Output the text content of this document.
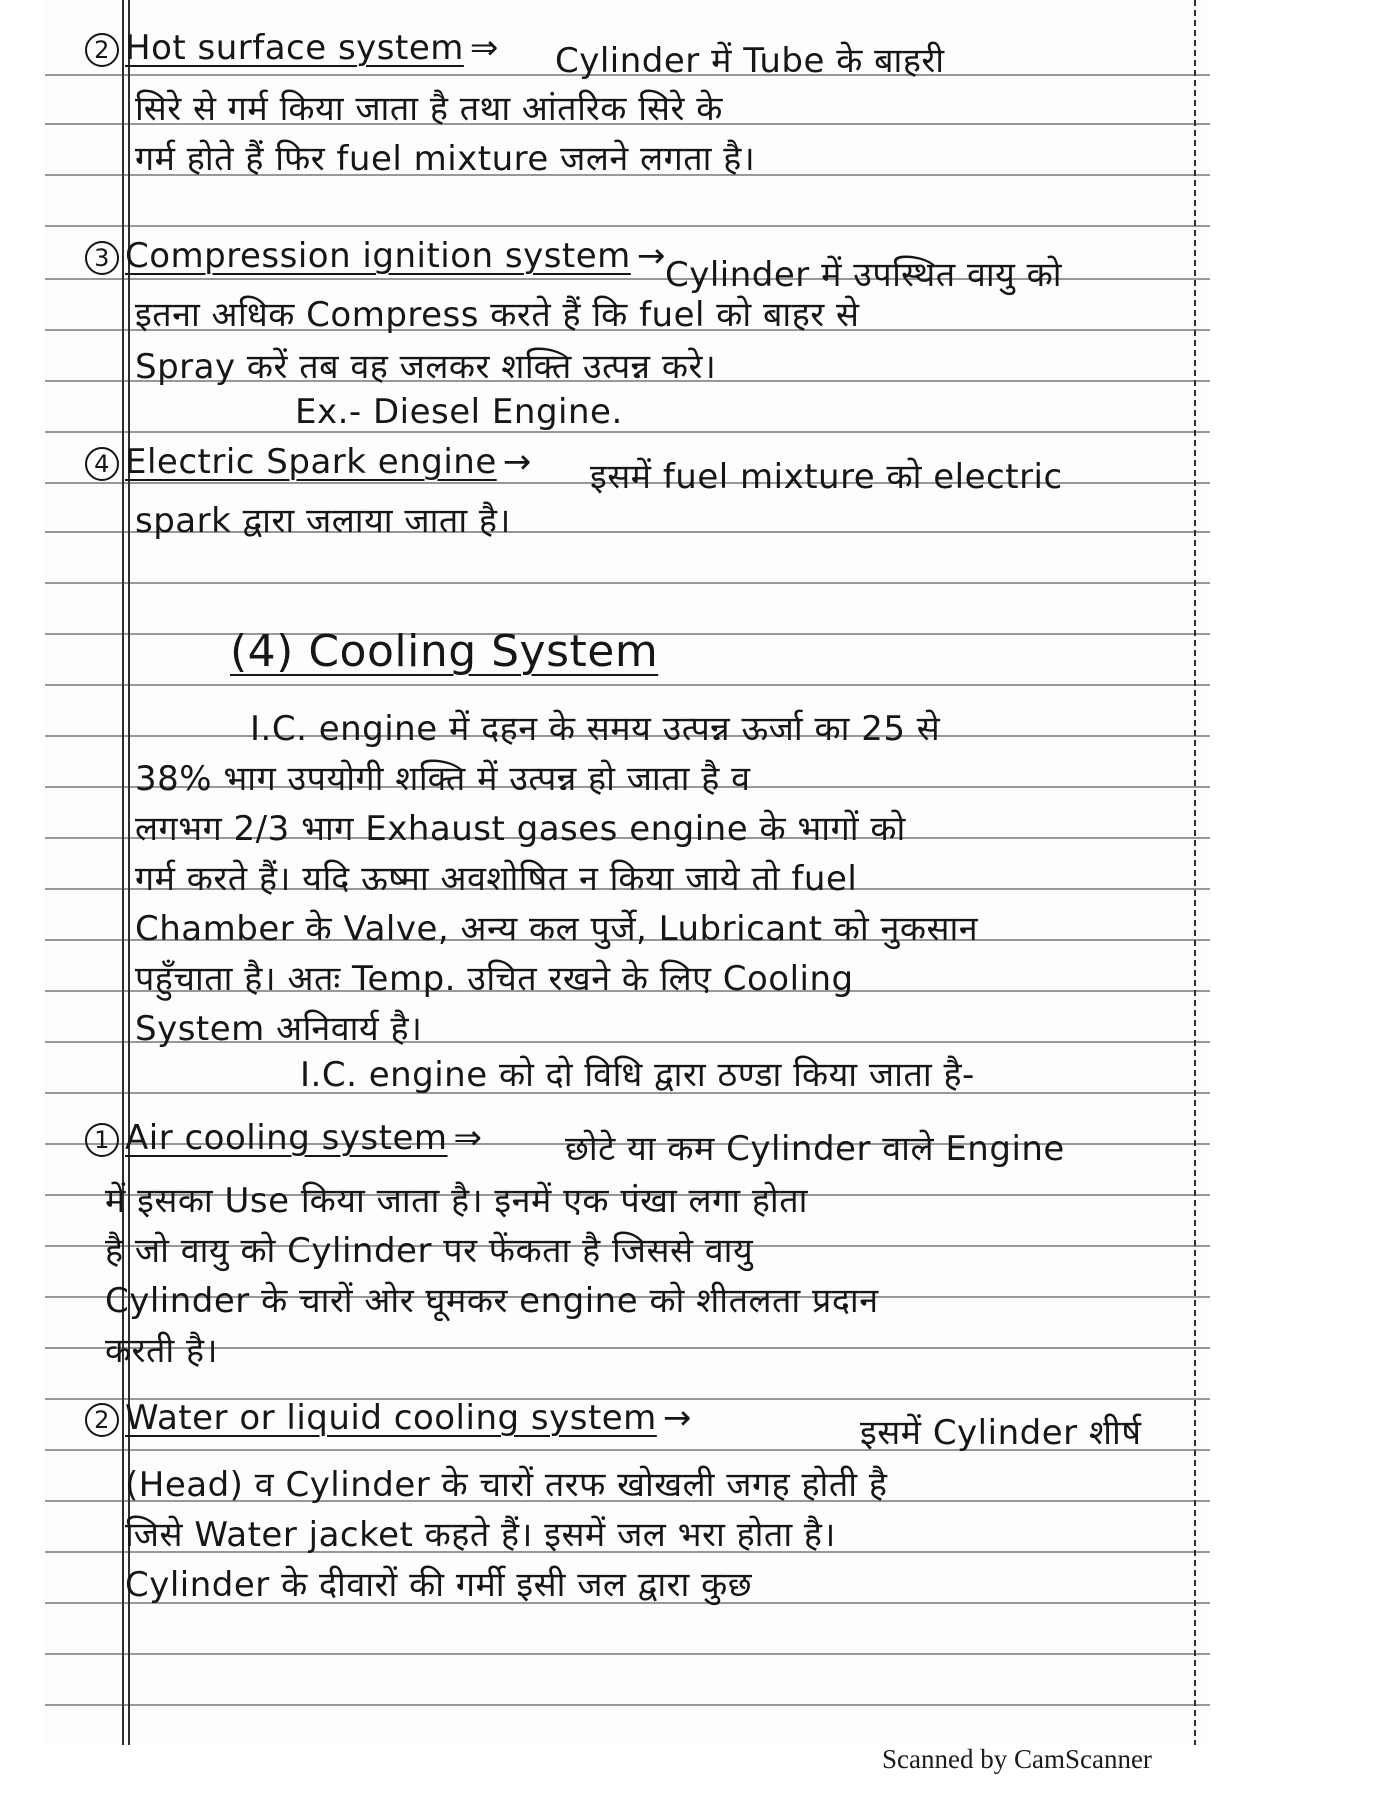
2 Hot surface system ⇒ Cylinder में Tube के बाहरी
सिरे से गर्म किया जाता है तथा आंतरिक सिरे के
गर्म होते हैं फिर fuel mixture जलने लगता है।
3 Compression ignition system → Cylinder में उपस्थित वायु को
इतना अधिक Compress करते हैं कि fuel को बाहर से
Spray करें तब वह जलकर शक्ति उत्पन्न करे।
Ex.- Diesel Engine.
4 Electric Spark engine → इसमें fuel mixture को electric
spark द्वारा जलाया जाता है।
(4) Cooling System
I.C. engine में दहन के समय उत्पन्न ऊर्जा का 25 से
38% भाग उपयोगी शक्ति में उत्पन्न हो जाता है व
लगभग 2/3 भाग Exhaust gases engine के भागों को
गर्म करते हैं। यदि ऊष्मा अवशोषित न किया जाये तो fuel
Chamber के Valve, अन्य कल पुर्जे, Lubricant को नुकसान
पहुँचाता है। अतः Temp. उचित रखने के लिए Cooling
System अनिवार्य है।
I.C. engine को दो विधि द्वारा ठण्डा किया जाता है-
1 Air cooling system ⇒ छोटे या कम Cylinder वाले Engine
में इसका Use किया जाता है। इनमें एक पंखा लगा होता
है जो वायु को Cylinder पर फेंकता है जिससे वायु
Cylinder के चारों ओर घूमकर engine को शीतलता प्रदान
करती है।
2 Water or liquid cooling system →	इसमें Cylinder शीर्ष
(Head) व Cylinder के चारों तरफ खोखली जगह होती है
जिसे Water jacket कहते हैं। इसमें जल भरा होता है।
Cylinder के दीवारों की गर्मी इसी जल द्वारा कुछ
Scanned by CamScanner
